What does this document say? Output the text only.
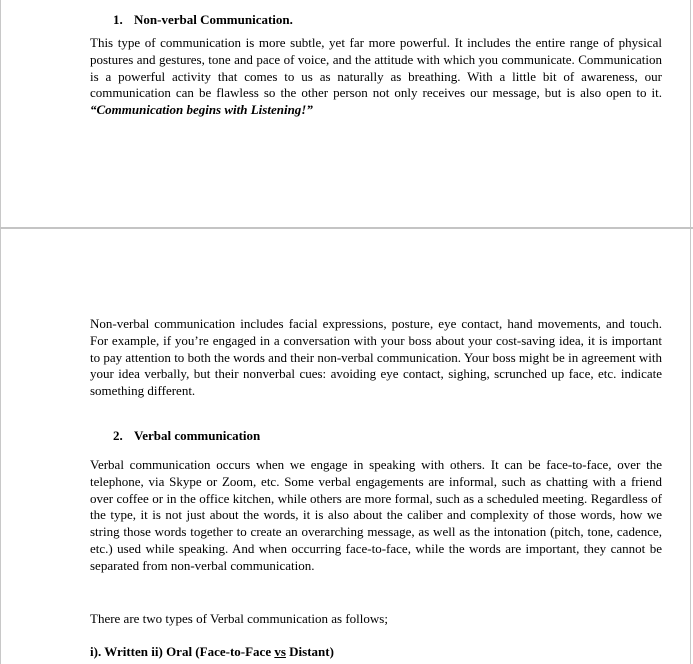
1. Non-verbal Communication.

This type of communication is more subtle, yet far more powerful. It includes the entire range of physical postures and gestures, tone and pace of voice, and the attitude with which you communicate. Communication is a powerful activity that comes to us as naturally as breathing. With a little bit of awareness, our communication can be flawless so the other person not only receives our message, but is also open to it. “Communication begins with Listening!”

Non-verbal communication includes facial expressions, posture, eye contact, hand movements, and touch. For example, if you’re engaged in a conversation with your boss about your cost-saving idea, it is important to pay attention to both the words and their non-verbal communication. Your boss might be in agreement with your idea verbally, but their nonverbal cues: avoiding eye contact, sighing, scrunched up face, etc. indicate something different.

2. Verbal communication

Verbal communication occurs when we engage in speaking with others. It can be face-to-face, over the telephone, via Skype or Zoom, etc. Some verbal engagements are informal, such as chatting with a friend over coffee or in the office kitchen, while others are more formal, such as a scheduled meeting. Regardless of the type, it is not just about the words, it is also about the caliber and complexity of those words, how we string those words together to create an overarching message, as well as the intonation (pitch, tone, cadence, etc.) used while speaking. And when occurring face-to-face, while the words are important, they cannot be separated from non-verbal communication.

There are two types of Verbal communication as follows;
i). Written ii) Oral (Face-to-Face vs Distant)
